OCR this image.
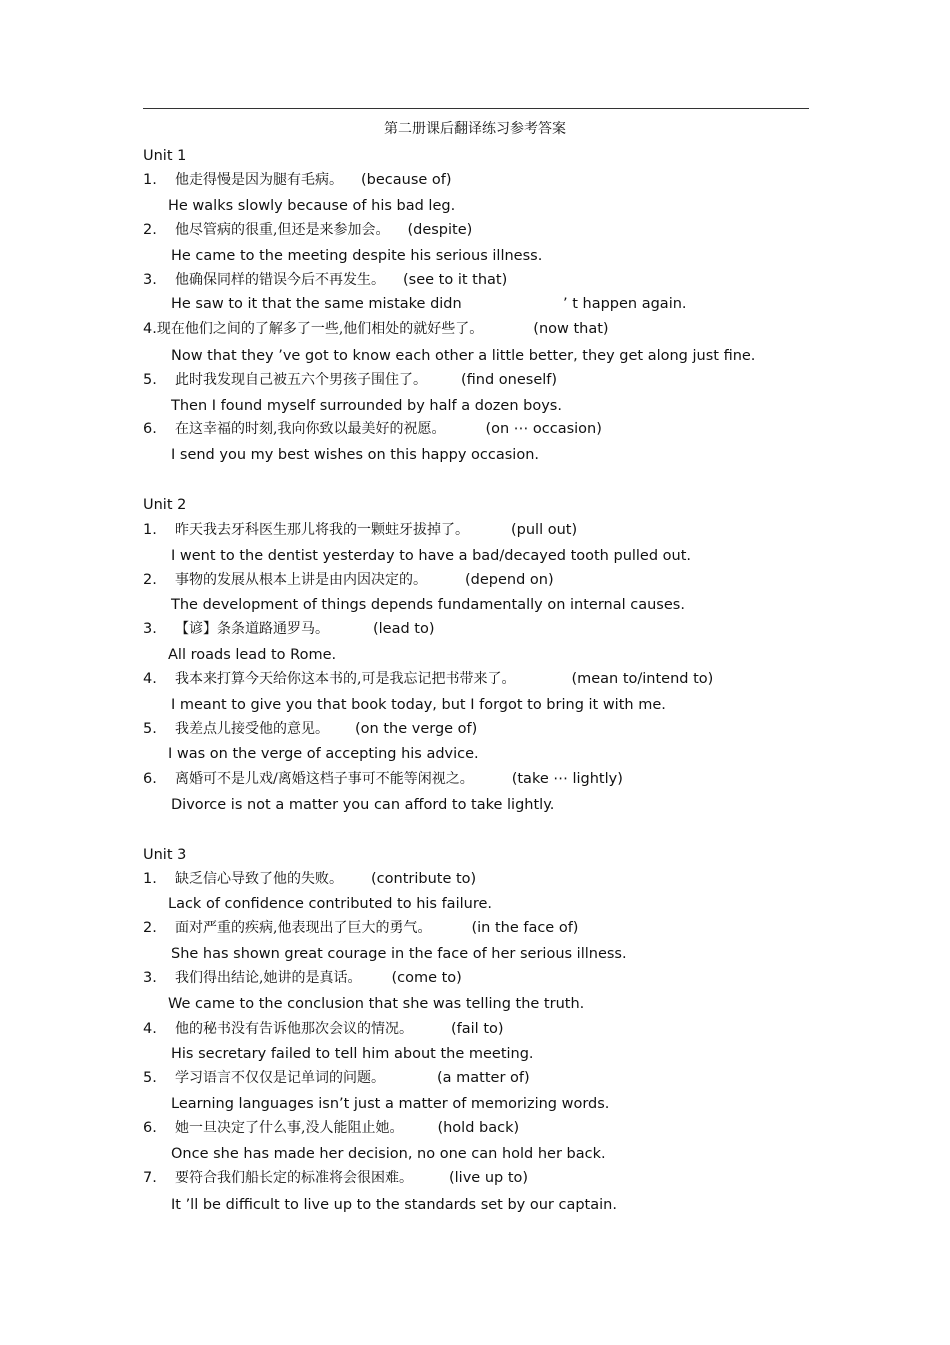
第二册课后翻译练习参考答案
Unit 1
1. 他走得慢是因为腿有毛病。 (because of)
He walks slowly because of his bad leg.
2. 他尽管病的很重,但还是来参加会。 (despite)
He came to the meeting despite his serious illness.
3. 他确保同样的错误今后不再发生。 (see to it that)
He saw to it that the same mistake didn	’ t happen again.
4.现在他们之间的了解多了一些,他们相处的就好些了。	(now that)
Now that they ’ve got to know each other a little better, they get along just fine.
5. 此时我发现自己被五六个男孩子围住了。 (find oneself)
Then I found myself surrounded by half a dozen boys.
6. 在这幸福的时刻,我向你致以最美好的祝愿。	(on ⋯ occasion)
I send you my best wishes on this happy occasion.
Unit 2
1. 昨天我去牙科医生那儿将我的一颗蛀牙拔掉了。	(pull out)
I went to the dentist yesterday to have a bad/decayed tooth pulled out.
2. 事物的发展从根本上讲是由内因决定的。	(depend on)
The development of things depends fundamentally on internal causes.
3. 【谚】条条道路通罗马。	(lead to)
All roads lead to Rome.
4. 我本来打算今天给你这本书的,可是我忘记把书带来了。	(mean to/intend to)
I meant to give you that book today, but I forgot to bring it with me.
5. 我差点儿接受他的意见。 (on the verge of)
I was on the verge of accepting his advice.
6. 离婚可不是儿戏/离婚这档子事可不能等闲视之。	(take ⋯ lightly)
Divorce is not a matter you can afford to take lightly.
Unit 3
1. 缺乏信心导致了他的失败。 (contribute to)
Lack of confidence contributed to his failure.
2. 面对严重的疾病,他表现出了巨大的勇气。	(in the face of)
She has shown great courage in the face of her serious illness.
3. 我们得出结论,她讲的是真话。 (come to)
We came to the conclusion that she was telling the truth.
4. 他的秘书没有告诉他那次会议的情况。	(fail to)
His secretary failed to tell him about the meeting.
5. 学习语言不仅仅是记单词的问题。	(a matter of)
Learning languages isn’t just a matter of memorizing words.
6. 她一旦决定了什么事,没人能阻止她。 (hold back)
Once she has made her decision, no one can hold her back.
7. 要符合我们船长定的标准将会很困难。 (live up to)
It ’ll be difficult to live up to the standards set by our captain.
